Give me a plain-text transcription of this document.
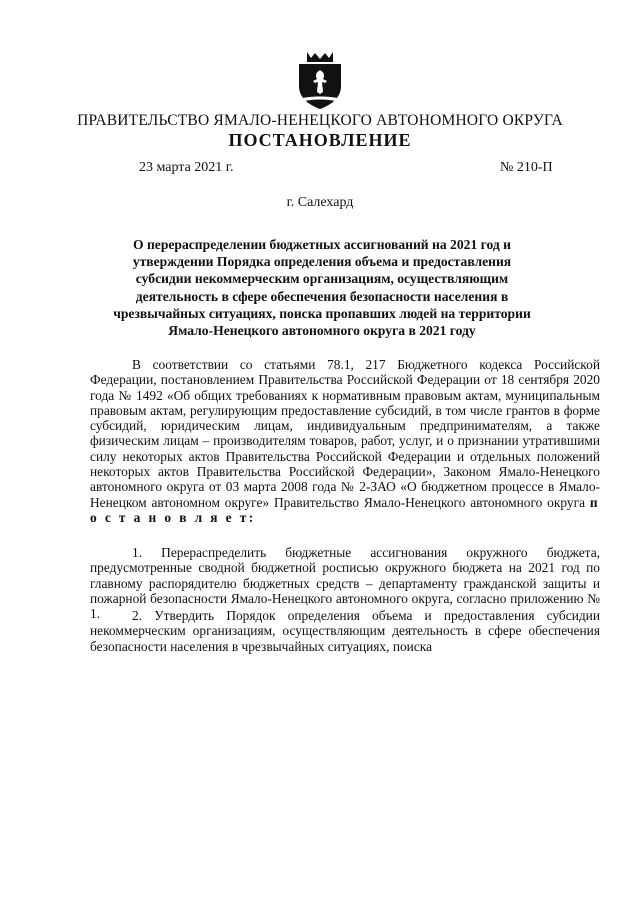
ПРАВИТЕЛЬСТВО ЯМАЛО-НЕНЕЦКОГО АВТОНОМНОГО ОКРУГА
ПОСТАНОВЛЕНИЕ
23 марта 2021 г.	№ 210-П
г. Салехард
О перераспределении бюджетных ассигнований на 2021 год и утверждении Порядка определения объема и предоставления субсидии некоммерческим организациям, осуществляющим деятельность в сфере обеспечения безопасности населения в чрезвычайных ситуациях, поиска пропавших людей на территории Ямало-Ненецкого автономного округа в 2021 году
В соответствии со статьями 78.1, 217 Бюджетного кодекса Российской Федерации, постановлением Правительства Российской Федерации от 18 сентября 2020 года № 1492 «Об общих требованиях к нормативным правовым актам, муниципальным правовым актам, регулирующим предоставление субсидий, в том числе грантов в форме субсидий, юридическим лицам, индивидуальным предпринимателям, а также физическим лицам – производителям товаров, работ, услуг, и о признании утратившими силу некоторых актов Правительства Российской Федерации и отдельных положений некоторых актов Правительства Российской Федерации», Законом Ямало-Ненецкого автономного округа от 03 марта 2008 года № 2-ЗАО «О бюджетном процессе в Ямало-Ненецком автономном округе» Правительство Ямало-Ненецкого автономного округа п о с т а н о в л я е т:
1. Перераспределить бюджетные ассигнования окружного бюджета, предусмотренные сводной бюджетной росписью окружного бюджета на 2021 год по главному распорядителю бюджетных средств – департаменту гражданской защиты и пожарной безопасности Ямало-Ненецкого автономного округа, согласно приложению № 1.	2. Утвердить Порядок определения объема и предоставления субсидии некоммерческим организациям, осуществляющим деятельность в сфере обеспечения безопасности населения в чрезвычайных ситуациях, поиска
